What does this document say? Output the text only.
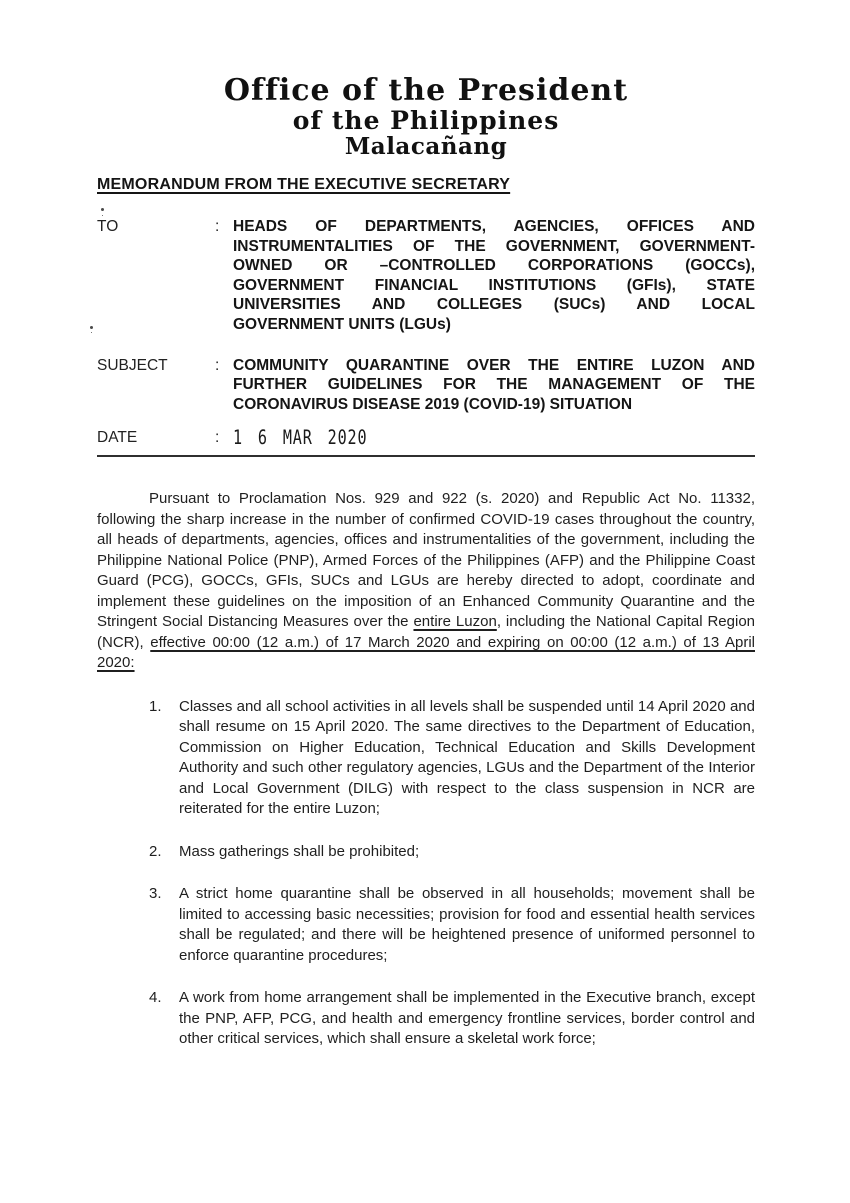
Office of the President
of the Philippines
Malacañang
MEMORANDUM FROM THE EXECUTIVE SECRETARY
TO	: HEADS OF DEPARTMENTS, AGENCIES, OFFICES AND
INSTRUMENTALITIES OF THE GOVERNMENT, GOVERNMENT-
OWNED OR –CONTROLLED CORPORATIONS (GOCCs),
GOVERNMENT FINANCIAL INSTITUTIONS (GFIs), STATE
UNIVERSITIES AND COLLEGES (SUCs) AND LOCAL
GOVERNMENT UNITS (LGUs)
SUBJECT	: COMMUNITY QUARANTINE OVER THE ENTIRE LUZON AND
FURTHER GUIDELINES FOR THE MANAGEMENT OF THE
CORONAVIRUS DISEASE 2019 (COVID-19) SITUATION
DATE	: 1 6 MAR 2020

Pursuant to Proclamation Nos. 929 and 922 (s. 2020) and Republic Act No. 11332, following the sharp increase in the number of confirmed COVID-19 cases throughout the country, all heads of departments, agencies, offices and instrumentalities of the government, including the Philippine National Police (PNP), Armed Forces of the Philippines (AFP) and the Philippine Coast Guard (PCG), GOCCs, GFIs, SUCs and LGUs are hereby directed to adopt, coordinate and implement these guidelines on the imposition of an Enhanced Community Quarantine and the Stringent Social Distancing Measures over the entire Luzon, including the National Capital Region (NCR), effective 00:00 (12 a.m.) of 17 March 2020 and expiring on 00:00 (12 a.m.) of 13 April 2020:

1.	Classes and all school activities in all levels shall be suspended until 14 April 2020 and shall resume on 15 April 2020. The same directives to the Department of Education, Commission on Higher Education, Technical Education and Skills Development Authority and such other regulatory agencies, LGUs and the Department of the Interior and Local Government (DILG) with respect to the class suspension in NCR are reiterated for the entire Luzon;
2.	Mass gatherings shall be prohibited;
3.	A strict home quarantine shall be observed in all households; movement shall be limited to accessing basic necessities; provision for food and essential health services shall be regulated; and there will be heightened presence of uniformed personnel to enforce quarantine procedures;
4.	A work from home arrangement shall be implemented in the Executive branch, except the PNP, AFP, PCG, and health and emergency frontline services, border control and other critical services, which shall ensure a skeletal work force;
